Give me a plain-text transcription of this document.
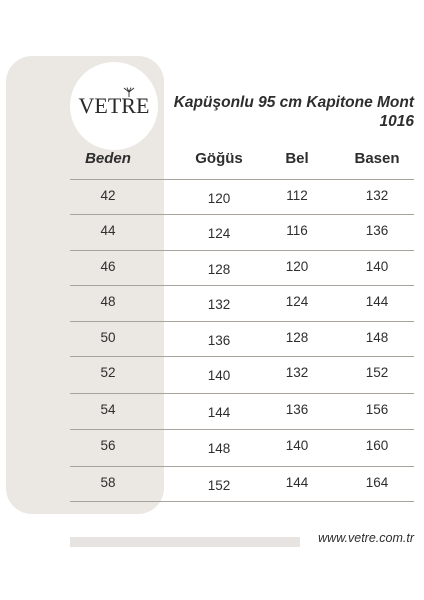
VETRE	Kapüşonlu 95 cm Kapitone Mont
1016
Beden	Göğüs	Bel	Basen
42	120	112	132
44	124	116	136
46	128	120	140
48	132	124	144
50	136	128	148
52	140	132	152
54	144	136	156
56	148	140	160
58	152	144	164
www.vetre.com.tr
